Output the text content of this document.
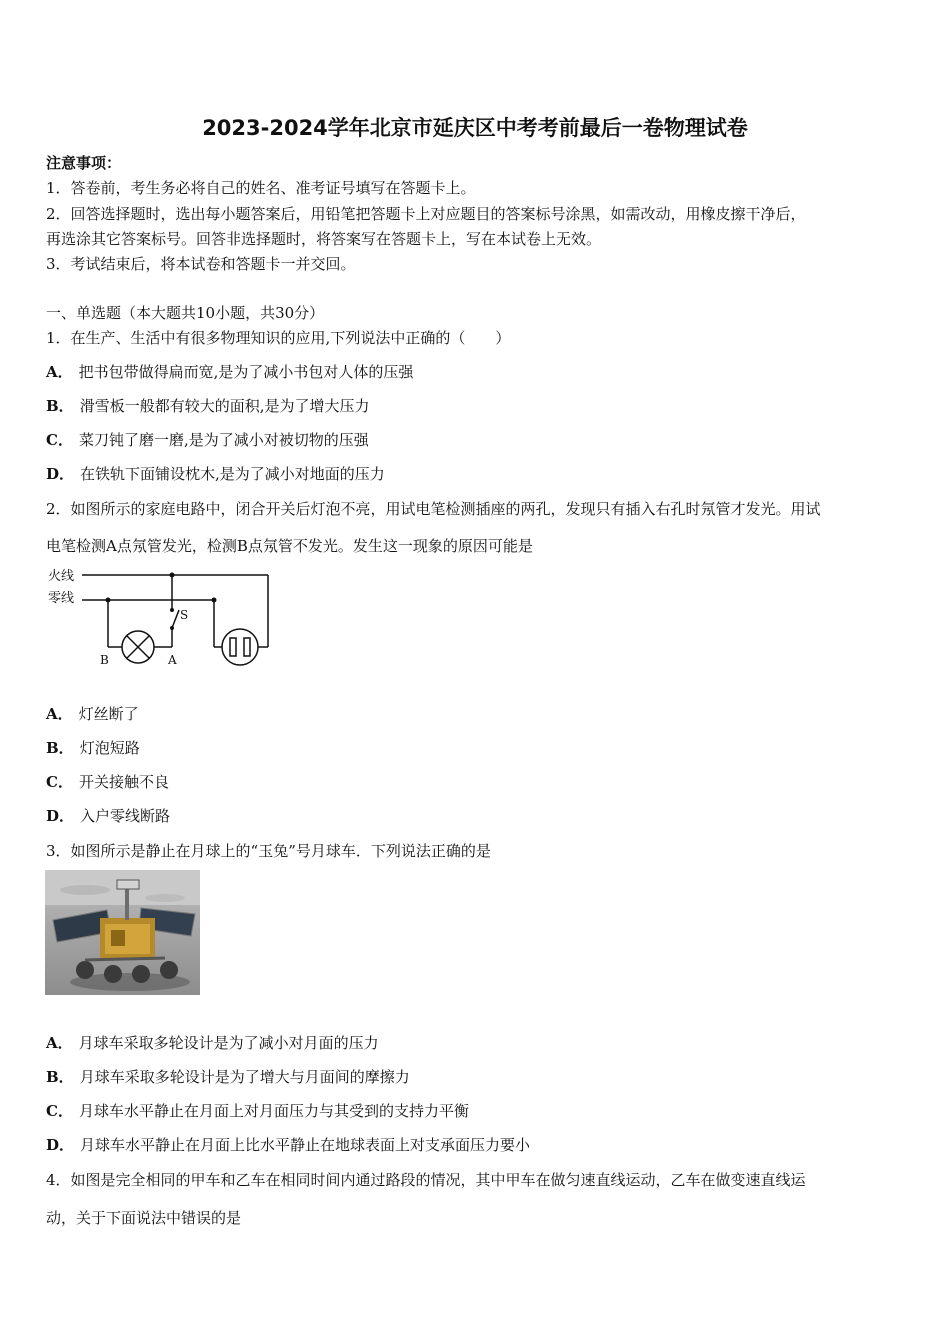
2023-2024学年北京市延庆区中考考前最后一卷物理试卷
注意事项：
1．答卷前，考生务必将自己的姓名、准考证号填写在答题卡上。
2．回答选择题时，选出每小题答案后，用铅笔把答题卡上对应题目的答案标号涂黑，如需改动，用橡皮擦干净后，
再选涂其它答案标号。回答非选择题时，将答案写在答题卡上，写在本试卷上无效。
3．考试结束后，将本试卷和答题卡一并交回。
一、单选题（本大题共10小题，共30分）
1．在生产、生活中有很多物理知识的应用,下列说法中正确的（　　）
A． 把书包带做得扁而宽,是为了减小书包对人体的压强
B． 滑雪板一般都有较大的面积,是为了增大压力
C． 菜刀钝了磨一磨,是为了减小对被切物的压强
D． 在铁轨下面铺设枕木,是为了减小对地面的压力
2．如图所示的家庭电路中，闭合开关后灯泡不亮，用试电笔检测插座的两孔，发现只有插入右孔时氖管才发光。用试
电笔检测A点氖管发光，检测B点氖管不发光。发生这一现象的原因可能是
火线
零线
S
B	A
A． 灯丝断了
B． 灯泡短路
C． 开关接触不良
D． 入户零线断路
3．如图所示是静止在月球上的“玉兔”号月球车．下列说法正确的是
A． 月球车采取多轮设计是为了减小对月面的压力
B． 月球车采取多轮设计是为了增大与月面间的摩擦力
C． 月球车水平静止在月面上对月面压力与其受到的支持力平衡
D． 月球车水平静止在月面上比水平静止在地球表面上对支承面压力要小
4．如图是完全相同的甲车和乙车在相同时间内通过路段的情况，其中甲车在做匀速直线运动，乙车在做变速直线运
动，关于下面说法中错误的是
